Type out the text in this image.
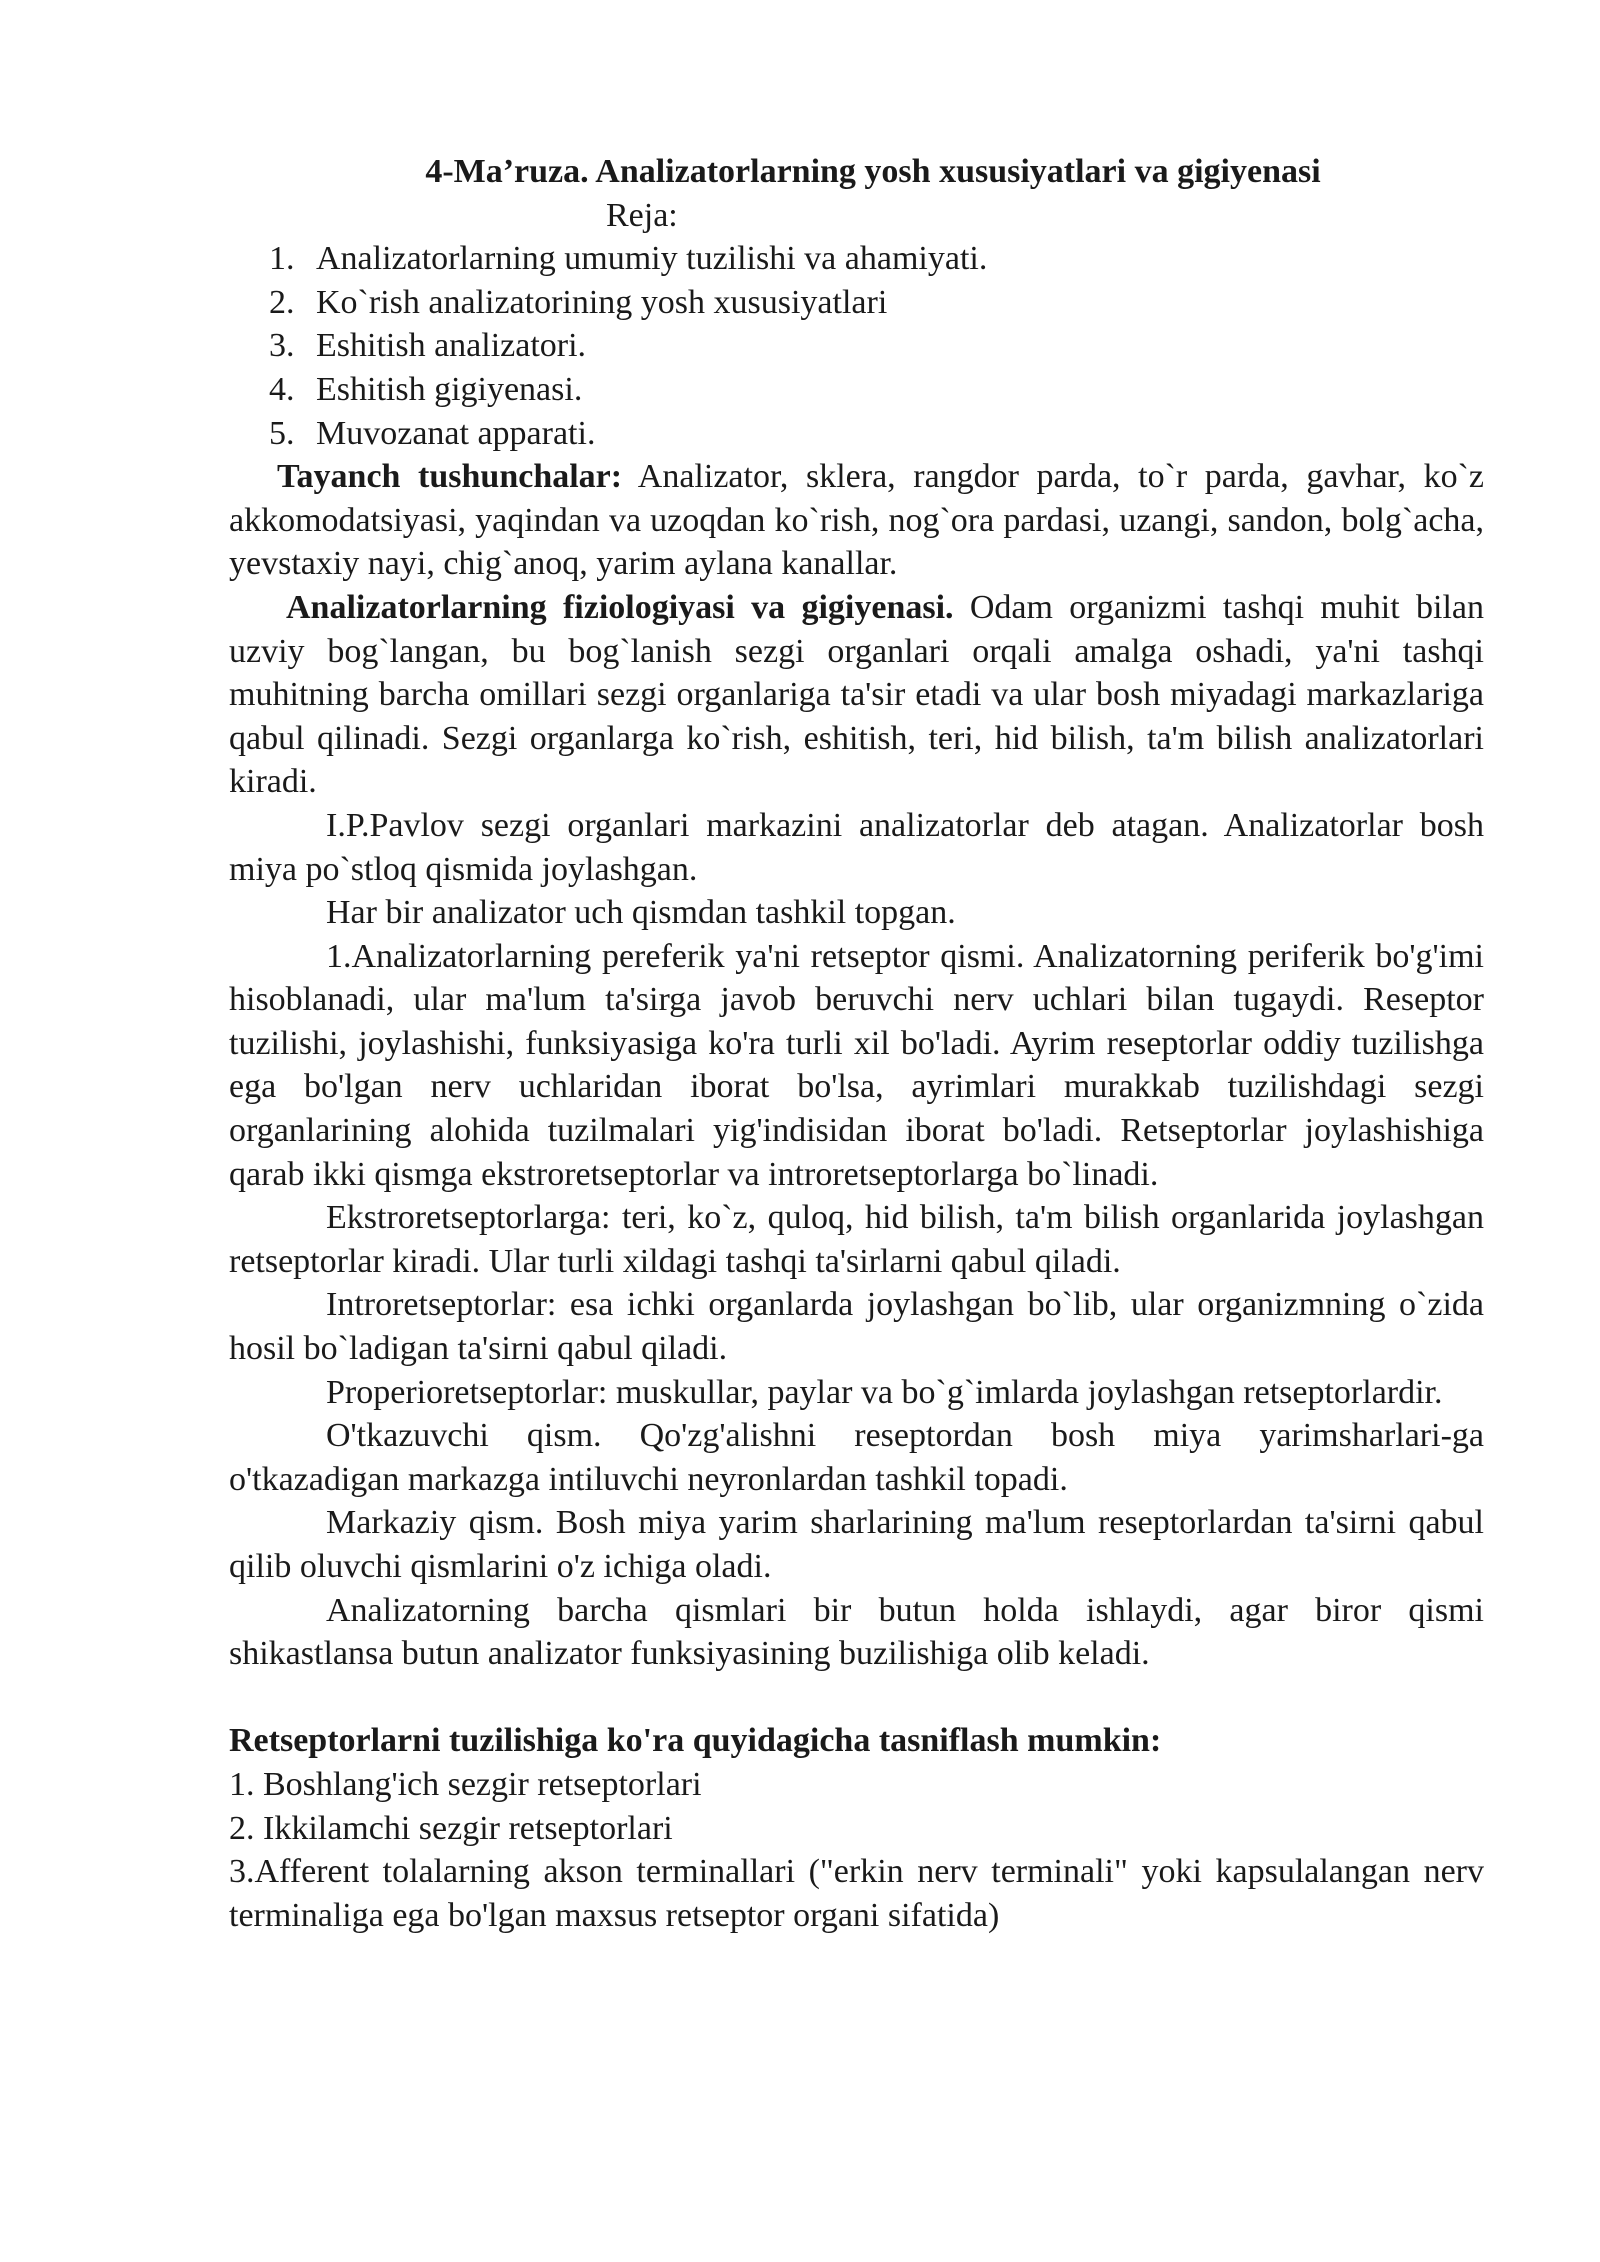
4-Ma’ruza. Analizatorlarning yosh xususiyatlari va gigiyenasi

Reja:

1. Analizatorlarning umumiy tuzilishi va ahamiyati.
2. Ko`rish analizatorining yosh xususiyatlari
3. Eshitish analizatori.
4. Eshitish gigiyenasi.
5. Muvozanat apparati.

Tayanch tushunchalar: Analizator, sklera, rangdor parda, to`r parda, gavhar, ko`z akkomodatsiyasi, yaqindan va uzoqdan ko`rish, nog`ora pardasi, uzangi, sandon, bolg`acha, yevstaxiy nayi, chig`anoq, yarim aylana kanallar.

Analizatorlarning fiziologiyasi va gigiyenasi. Odam organizmi tashqi muhit bilan uzviy bog`langan, bu bog`lanish sezgi organlari orqali amalga oshadi, ya'ni tashqi muhitning barcha omillari sezgi organlariga ta'sir etadi va ular bosh miyadagi markazlariga qabul qilinadi. Sezgi organlarga ko`rish, eshitish, teri, hid bilish, ta'm bilish analizatorlari kiradi.

I.P.Pavlov sezgi organlari markazini analizatorlar deb atagan. Analizatorlar bosh miya po`stloq qismida joylashgan.

Har bir analizator uch qismdan tashkil topgan.

1.Analizatorlarning pereferik ya'ni retseptor qismi. Analizatorning periferik bo'g'imi hisoblanadi, ular ma'lum ta'sirga javob beruvchi nerv uchlari bilan tugaydi. Reseptor tuzilishi, joylashishi, funksiyasiga ko'ra turli xil bo'ladi. Ayrim reseptorlar oddiy tuzilishga ega bo'lgan nerv uchlaridan iborat bo'lsa, ayrimlari murakkab tuzilishdagi sezgi organlarining alohida tuzilmalari yig'indisidan iborat bo'ladi. Retseptorlar joylashishiga qarab ikki qismga ekstroretseptorlar va introretseptorlarga bo`linadi.

Ekstroretseptorlarga: teri, ko`z, quloq, hid bilish, ta'm bilish organlarida joylashgan retseptorlar kiradi. Ular turli xildagi tashqi ta'sirlarni qabul qiladi.

Introretseptorlar: esa ichki organlarda joylashgan bo`lib, ular organizmning o`zida hosil bo`ladigan ta'sirni qabul qiladi.

Properioretseptorlar: muskullar, paylar va bo`g`imlarda joylashgan retseptorlardir.

O'tkazuvchi qism. Qo'zg'alishni reseptordan bosh miya yarimsharlari-ga o'tkazadigan markazga intiluvchi neyronlardan tashkil topadi.

Markaziy qism. Bosh miya yarim sharlarining ma'lum reseptorlardan ta'sirni qabul qilib oluvchi qismlarini o'z ichiga oladi.

Analizatorning barcha qismlari bir butun holda ishlaydi, agar biror qismi shikastlansa butun analizator funksiyasining buzilishiga olib keladi.

Retseptorlarni tuzilishiga ko'ra quyidagicha tasniflash mumkin:

1. Boshlang'ich sezgir retseptorlari

2. Ikkilamchi sezgir retseptorlari

3.Afferent tolalarning akson terminallari ("erkin nerv terminali" yoki kapsulalangan nerv terminaliga ega bo'lgan maxsus retseptor organi sifatida)
